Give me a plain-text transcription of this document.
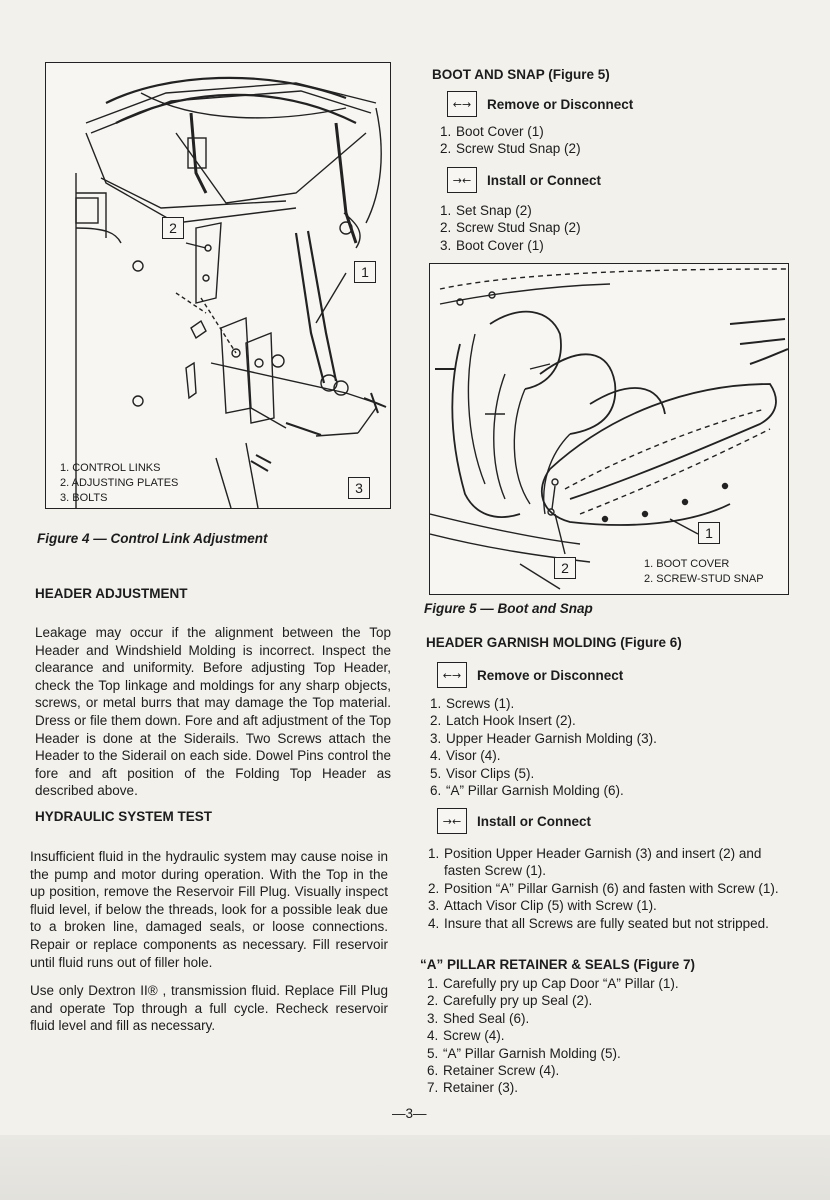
2
1
3
1. CONTROL LINKS
2. ADJUSTING PLATES
3. BOLTS
Figure 4 — Control Link Adjustment
HEADER ADJUSTMENT
Leakage may occur if the alignment between the Top Header and Windshield Molding is incorrect. Inspect the clearance and uniformity. Before adjusting Top Header, check the Top linkage and moldings for any sharp objects, screws, or metal burrs that may damage the Top material. Dress or file them down. Fore and aft adjustment of the Top Header is done at the Siderails. Two Screws attach the Header to the Siderail on each side. Dowel Pins control the fore and aft position of the Folding Top Header as described above.
HYDRAULIC SYSTEM TEST
Insufficient fluid in the hydraulic system may cause noise in the pump and motor during operation. With the Top in the up position, remove the Reservoir Fill Plug. Visually inspect fluid level, if below the threads, look for a possible leak due to a broken line, damaged seals, or loose connections. Repair or replace components as necessary. Fill reservoir until fluid runs out of filler hole.
Use only Dextron II® , transmission fluid. Replace Fill Plug and operate Top through a full cycle. Recheck reservoir fluid level and fill as necessary.
BOOT AND SNAP (Figure 5)
←→	Remove or Disconnect
1. Boot Cover (1)
2. Screw Stud Snap (2)
→←	Install or Connect
1. Set Snap (2)
2. Screw Stud Snap (2)
3. Boot Cover (1)
1
2	1. BOOT COVER
2. SCREW-STUD SNAP
Figure 5 — Boot and Snap
HEADER GARNISH MOLDING (Figure 6)
←→	Remove or Disconnect
1. Screws (1).
2. Latch Hook Insert (2).
3. Upper Header Garnish Molding (3).
4. Visor (4).
5. Visor Clips (5).
6. “A” Pillar Garnish Molding (6).
→←	Install or Connect
1. Position Upper Header Garnish (3) and insert (2) and fasten Screw (1).
2. Position “A” Pillar Garnish (6) and fasten with Screw (1).
3. Attach Visor Clip (5) with Screw (1).
4. Insure that all Screws are fully seated but not stripped.
“A” PILLAR RETAINER & SEALS (Figure 7)
1. Carefully pry up Cap Door “A” Pillar (1).
2. Carefully pry up Seal (2).
3. Shed Seal (6).
4. Screw (4).
5. “A” Pillar Garnish Molding (5).
6. Retainer Screw (4).
7. Retainer (3).
—3—
